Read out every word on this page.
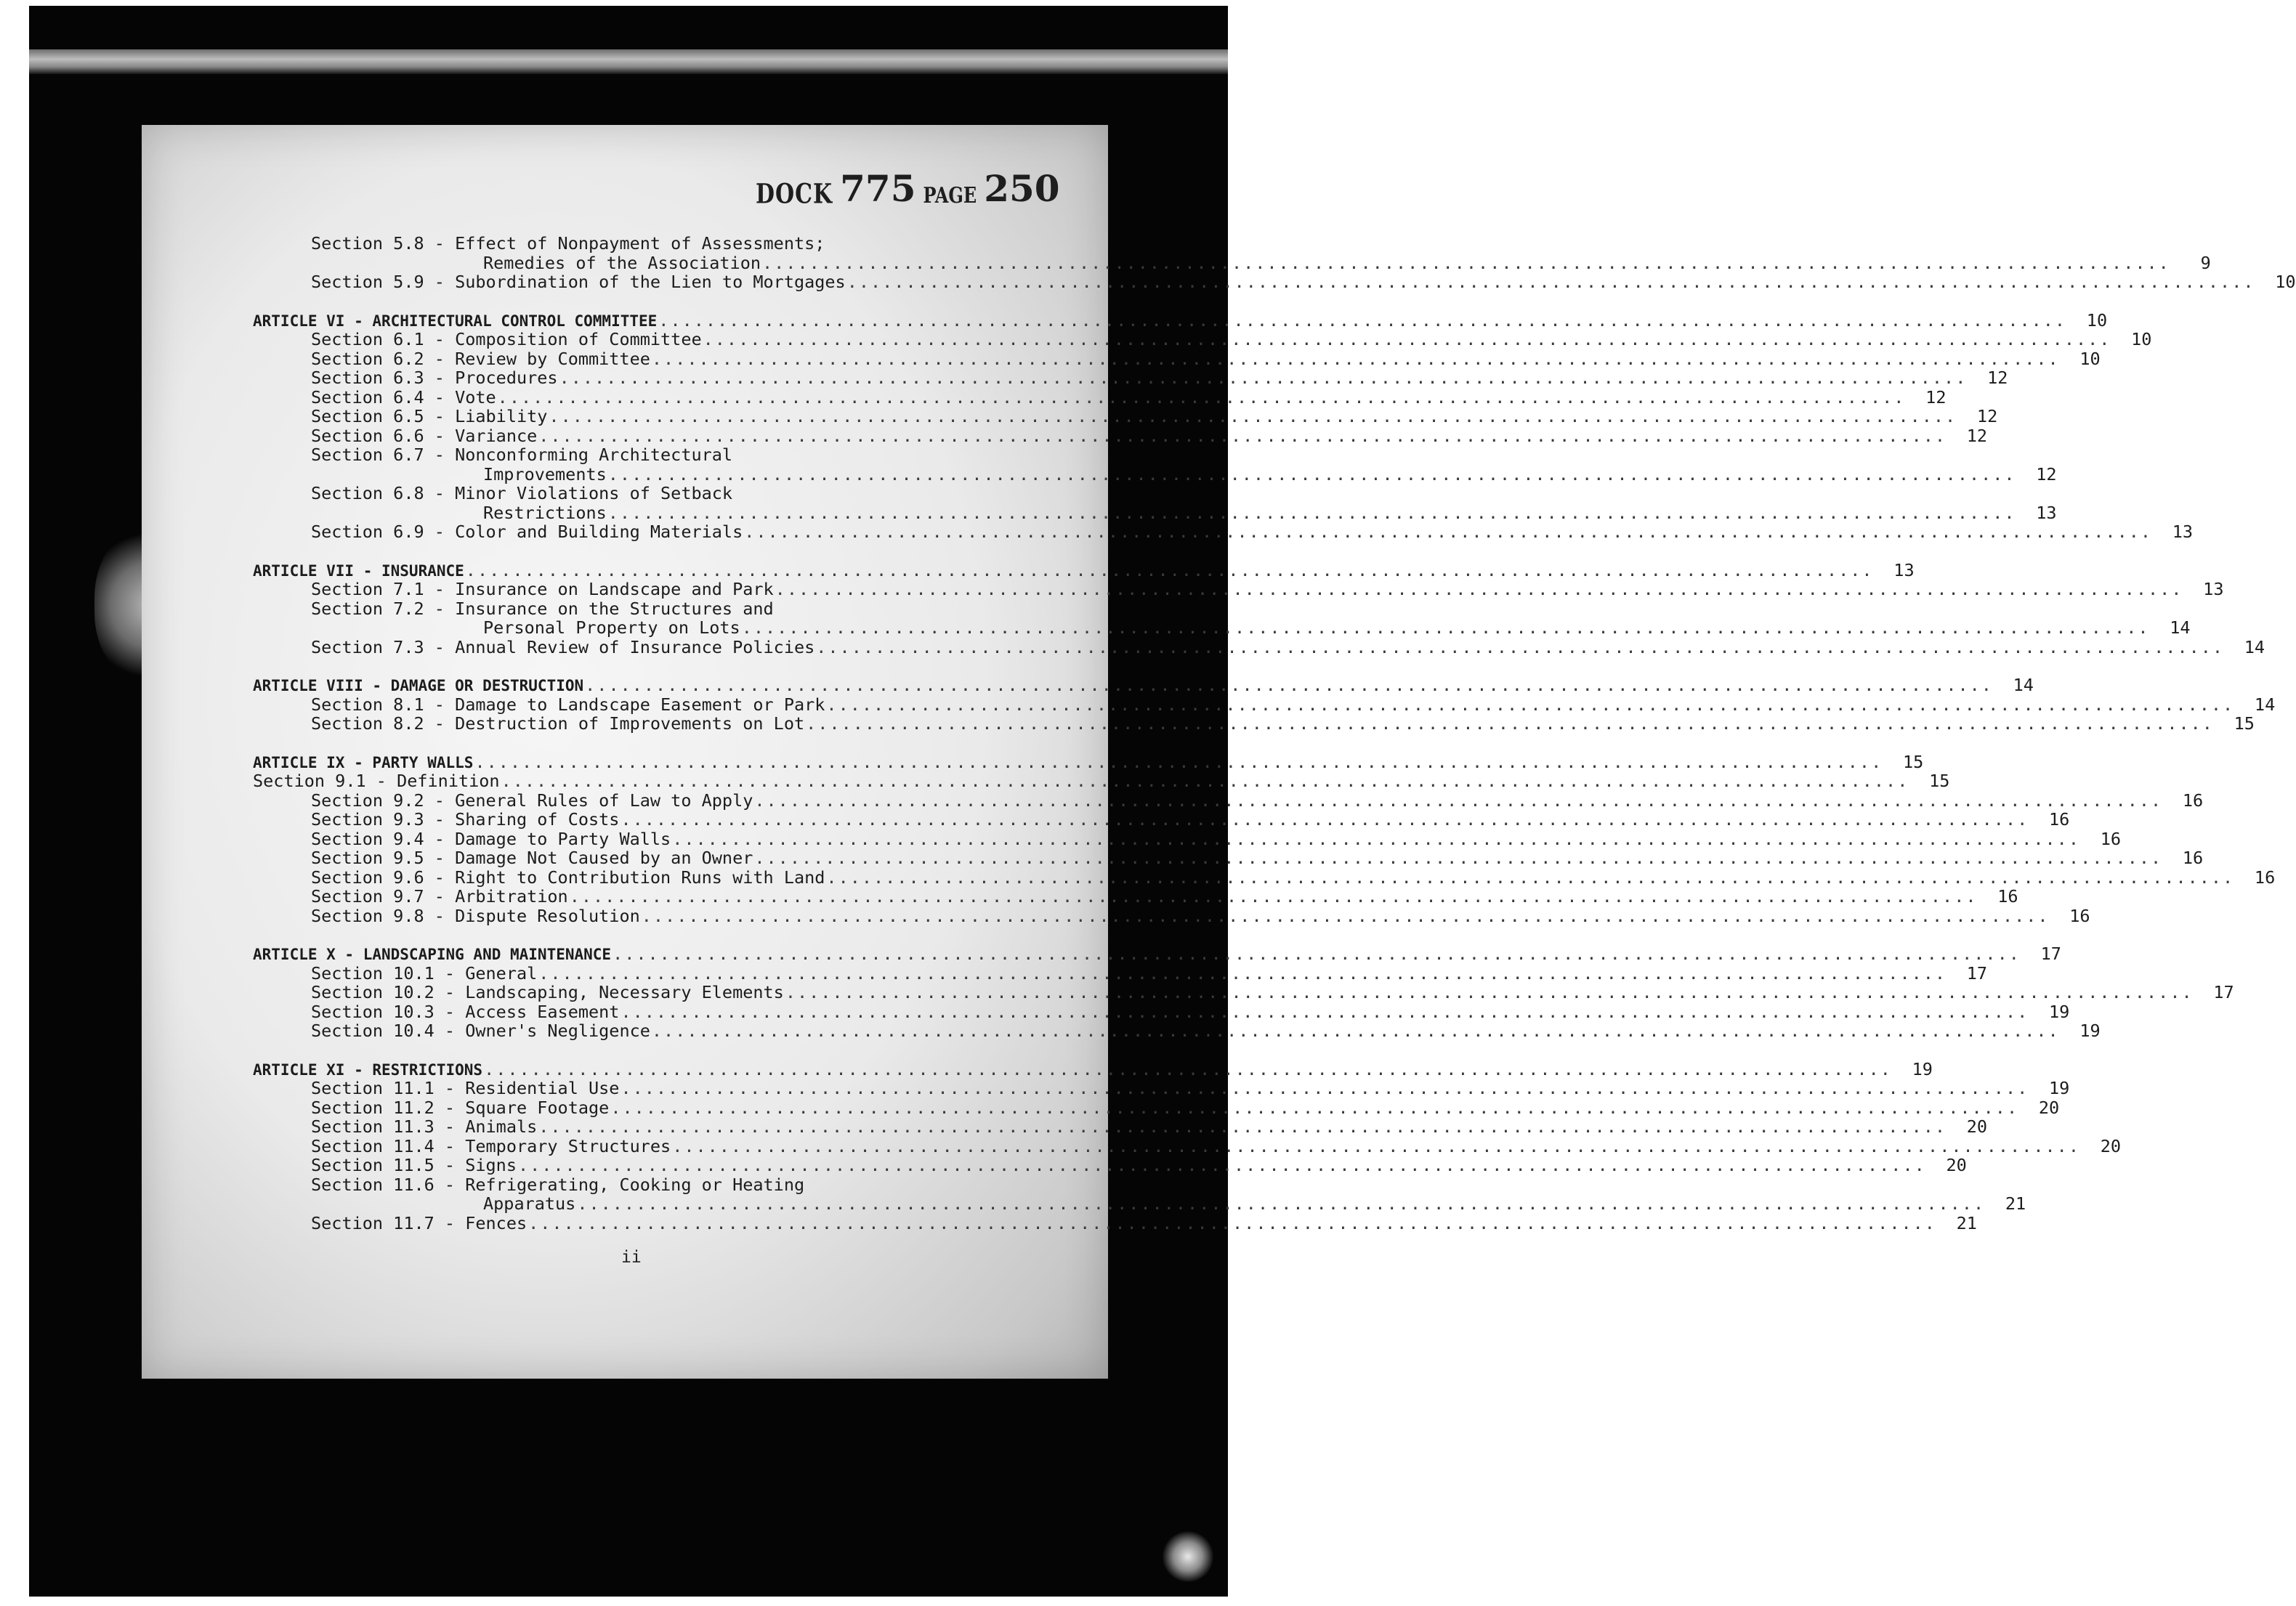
DOCK 775 PAGE 250
Section 5.8 - Effect of Nonpayment of Assessments;
Remedies of the Association ........................................................................................................................	9
Section 5.9 - Subordination of the Lien to Mortgages ........................................................................................................................	10
ARTICLE VI - ARCHITECTURAL CONTROL COMMITTEE ........................................................................................................................	10
Section 6.1 - Composition of Committee ........................................................................................................................	10
Section 6.2 - Review by Committee ........................................................................................................................	10
Section 6.3 - Procedures ........................................................................................................................	12
Section 6.4 - Vote ........................................................................................................................	12
Section 6.5 - Liability ........................................................................................................................	12
Section 6.6 - Variance ........................................................................................................................	12
Section 6.7 - Nonconforming Architectural
Improvements ........................................................................................................................	12
Section 6.8 - Minor Violations of Setback
Restrictions ........................................................................................................................	13
Section 6.9 - Color and Building Materials ........................................................................................................................	13
ARTICLE VII - INSURANCE ........................................................................................................................	13
Section 7.1 - Insurance on Landscape and Park ........................................................................................................................	13
Section 7.2 - Insurance on the Structures and
Personal Property on Lots ........................................................................................................................	14
Section 7.3 - Annual Review of Insurance Policies ........................................................................................................................	14
ARTICLE VIII - DAMAGE OR DESTRUCTION ........................................................................................................................	14
Section 8.1 - Damage to Landscape Easement or Park ........................................................................................................................	14
Section 8.2 - Destruction of Improvements on Lot ........................................................................................................................	15
ARTICLE IX - PARTY WALLS ........................................................................................................................	15
Section 9.1 - Definition ........................................................................................................................	15
Section 9.2 - General Rules of Law to Apply ........................................................................................................................	16
Section 9.3 - Sharing of Costs ........................................................................................................................	16
Section 9.4 - Damage to Party Walls ........................................................................................................................	16
Section 9.5 - Damage Not Caused by an Owner ........................................................................................................................	16
Section 9.6 - Right to Contribution Runs with Land ........................................................................................................................	16
Section 9.7 - Arbitration ........................................................................................................................	16
Section 9.8 - Dispute Resolution ........................................................................................................................	16
ARTICLE X - LANDSCAPING AND MAINTENANCE ........................................................................................................................	17
Section 10.1 - General ........................................................................................................................	17
Section 10.2 - Landscaping, Necessary Elements ........................................................................................................................	17
Section 10.3 - Access Easement ........................................................................................................................	19
Section 10.4 - Owner's Negligence ........................................................................................................................	19
ARTICLE XI - RESTRICTIONS ........................................................................................................................	19
Section 11.1 - Residential Use ........................................................................................................................	19
Section 11.2 - Square Footage ........................................................................................................................	20
Section 11.3 - Animals ........................................................................................................................	20
Section 11.4 - Temporary Structures ........................................................................................................................	20
Section 11.5 - Signs ........................................................................................................................	20
Section 11.6 - Refrigerating, Cooking or Heating
Apparatus ........................................................................................................................	21
Section 11.7 - Fences ........................................................................................................................	21
ii
